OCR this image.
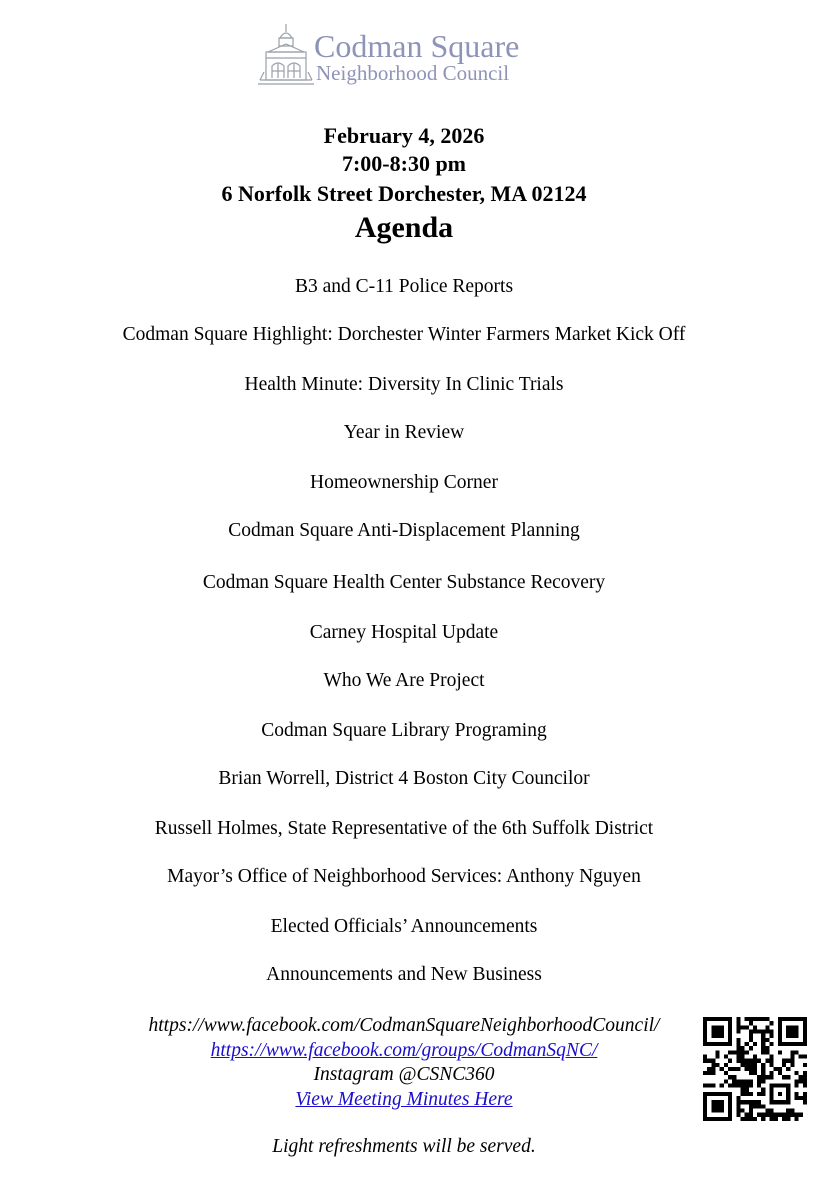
Codman Square
Neighborhood Council
February 4, 2026
7:00-8:30 pm
6 Norfolk Street Dorchester, MA 02124
Agenda
B3 and C-11 Police Reports
Codman Square Highlight: Dorchester Winter Farmers Market Kick Off
Health Minute: Diversity In Clinic Trials
Year in Review
Homeownership Corner
Codman Square Anti-Displacement Planning
Codman Square Health Center Substance Recovery
Carney Hospital Update
Who We Are Project
Codman Square Library Programing
Brian Worrell, District 4 Boston City Councilor
Russell Holmes, State Representative of the 6th Suffolk District
Mayor’s Office of Neighborhood Services: Anthony Nguyen
Elected Officials’ Announcements
Announcements and New Business
https://www.facebook.com/CodmanSquareNeighborhoodCouncil/
https://www.facebook.com/groups/CodmanSqNC/
Instagram @CSNC360
View Meeting Minutes Here
Light refreshments will be served.
